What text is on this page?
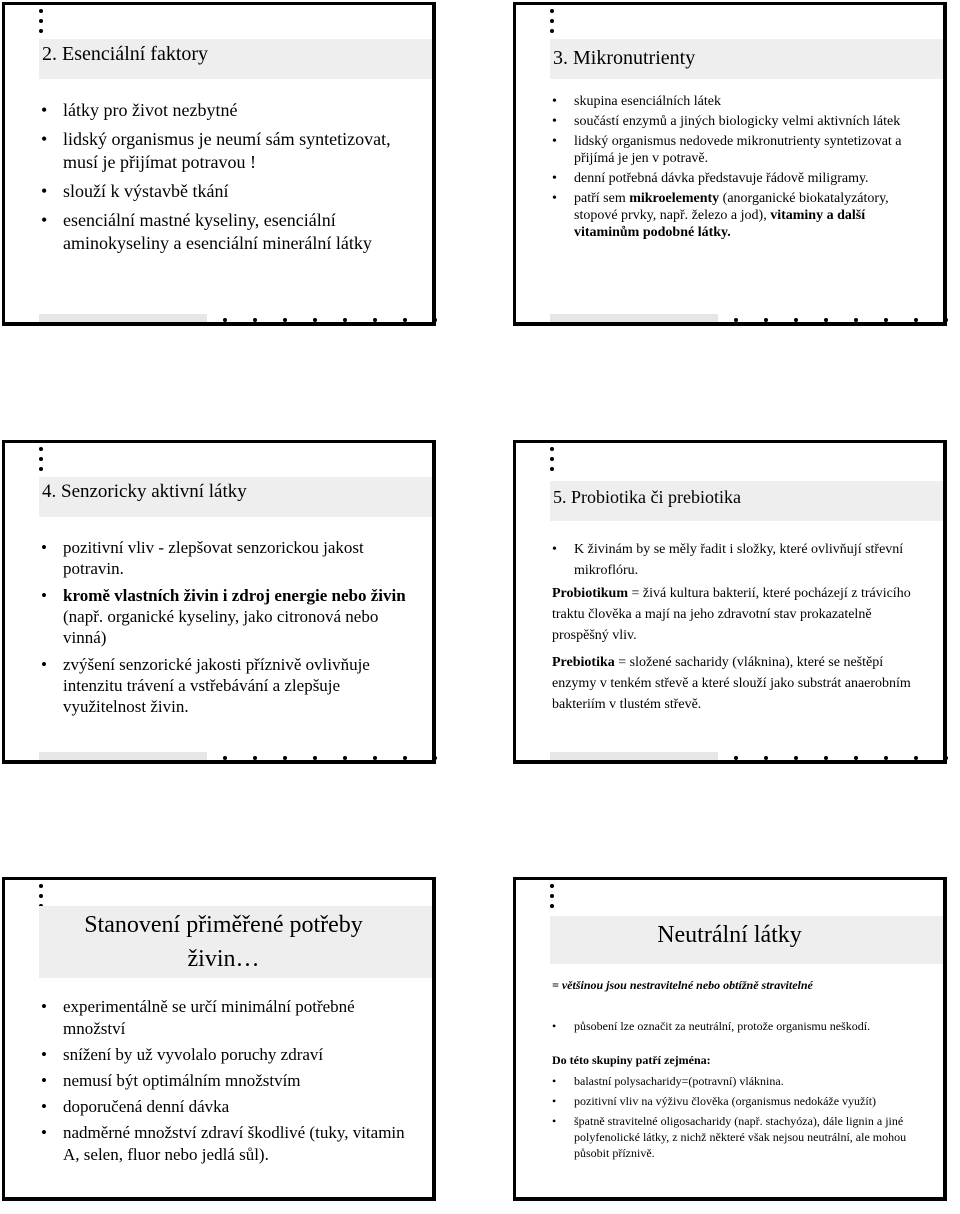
2. Esenciální faktory
• látky pro život nezbytné
• lidský organismus je neumí sám syntetizovat, musí je přijímat potravou !
• slouží k výstavbě tkání
• esenciální mastné kyseliny, esenciální aminokyseliny a esenciální minerální látky
3. Mikronutrienty
• skupina esenciálních látek
• součástí enzymů a jiných biologicky velmi aktivních látek
• lidský organismus nedovede mikronutrienty syntetizovat a přijímá je jen v potravě.
• denní potřebná dávka představuje řádově miligramy.
• patří sem mikroelementy (anorganické biokatalyzátory, stopové prvky, např. železo a jod), vitaminy a další vitaminům podobné látky.
4. Senzoricky aktivní látky
• pozitivní vliv - zlepšovat senzorickou jakost potravin.
• kromě vlastních živin i zdroj energie nebo živin (např. organické kyseliny, jako citronová nebo vinná)
• zvýšení senzorické jakosti příznivě ovlivňuje intenzitu trávení a vstřebávání a zlepšuje využitelnost živin.
5. Probiotika či prebiotika
• K živinám by se měly řadit i složky, které ovlivňují střevní mikroflóru.

Probiotikum = živá kultura bakterií, které pocházejí z trávicího traktu člověka a mají na jeho zdravotní stav prokazatelně prospěšný vliv.

Prebiotika = složené sacharidy (vláknina), které se neštěpí enzymy v tenkém střevě a které slouží jako substrát anaerobním bakteriím v tlustém střevě.

Stanovení přiměřené potřeby živin…
• experimentálně se určí minimální potřebné množství
• snížení by už vyvolalo poruchy zdraví
• nemusí být optimálním množstvím
• doporučená denní dávka
• nadměrné množství zdraví škodlivé (tuky, vitamin A, selen, fluor nebo jedlá sůl).
Neutrální látky
= většinou jsou nestravitelné nebo obtížně stravitelné
• působení lze označit za neutrální, protože organismu neškodí.
Do této skupiny patří zejména:
• balastní polysacharidy=(potravní) vláknina.
• pozitivní vliv na výživu člověka (organismus nedokáže využít)
• špatně stravitelné oligosacharidy (např. stachyóza), dále lignin a jiné polyfenolické látky, z nichž některé však nejsou neutrální, ale mohou působit příznivě.
